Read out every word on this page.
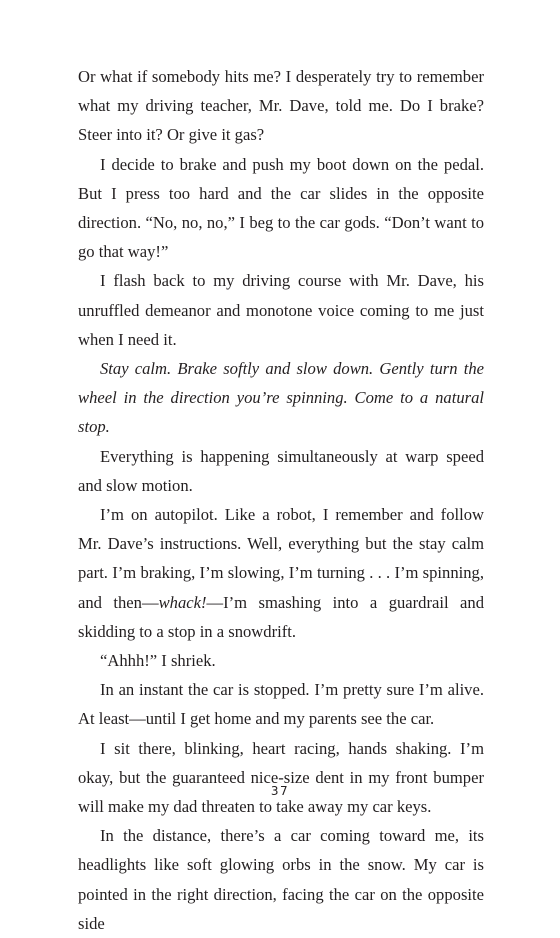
Or what if somebody hits me? I desperately try to remember what my driving teacher, Mr. Dave, told me. Do I brake? Steer into it? Or give it gas?

I decide to brake and push my boot down on the pedal. But I press too hard and the car slides in the opposite direction. “No, no, no,” I beg to the car gods. “Don’t want to go that way!”

I flash back to my driving course with Mr. Dave, his unruffled demeanor and monotone voice coming to me just when I need it.

Stay calm. Brake softly and slow down. Gently turn the wheel in the direction you’re spinning. Come to a natural stop.

Everything is happening simultaneously at warp speed and slow motion.

I’m on autopilot. Like a robot, I remember and follow Mr. Dave’s instructions. Well, everything but the stay calm part. I’m braking, I’m slowing, I’m turning . . . I’m spinning, and then—whack!—I’m smashing into a guardrail and skidding to a stop in a snowdrift.

“Ahhh!” I shriek.

In an instant the car is stopped. I’m pretty sure I’m alive. At least—until I get home and my parents see the car.

I sit there, blinking, heart racing, hands shaking. I’m okay, but the guaranteed nice-size dent in my front bumper will make my dad threaten to take away my car keys.

In the distance, there’s a car coming toward me, its headlights like soft glowing orbs in the snow. My car is pointed in the right direction, facing the car on the opposite side

37
